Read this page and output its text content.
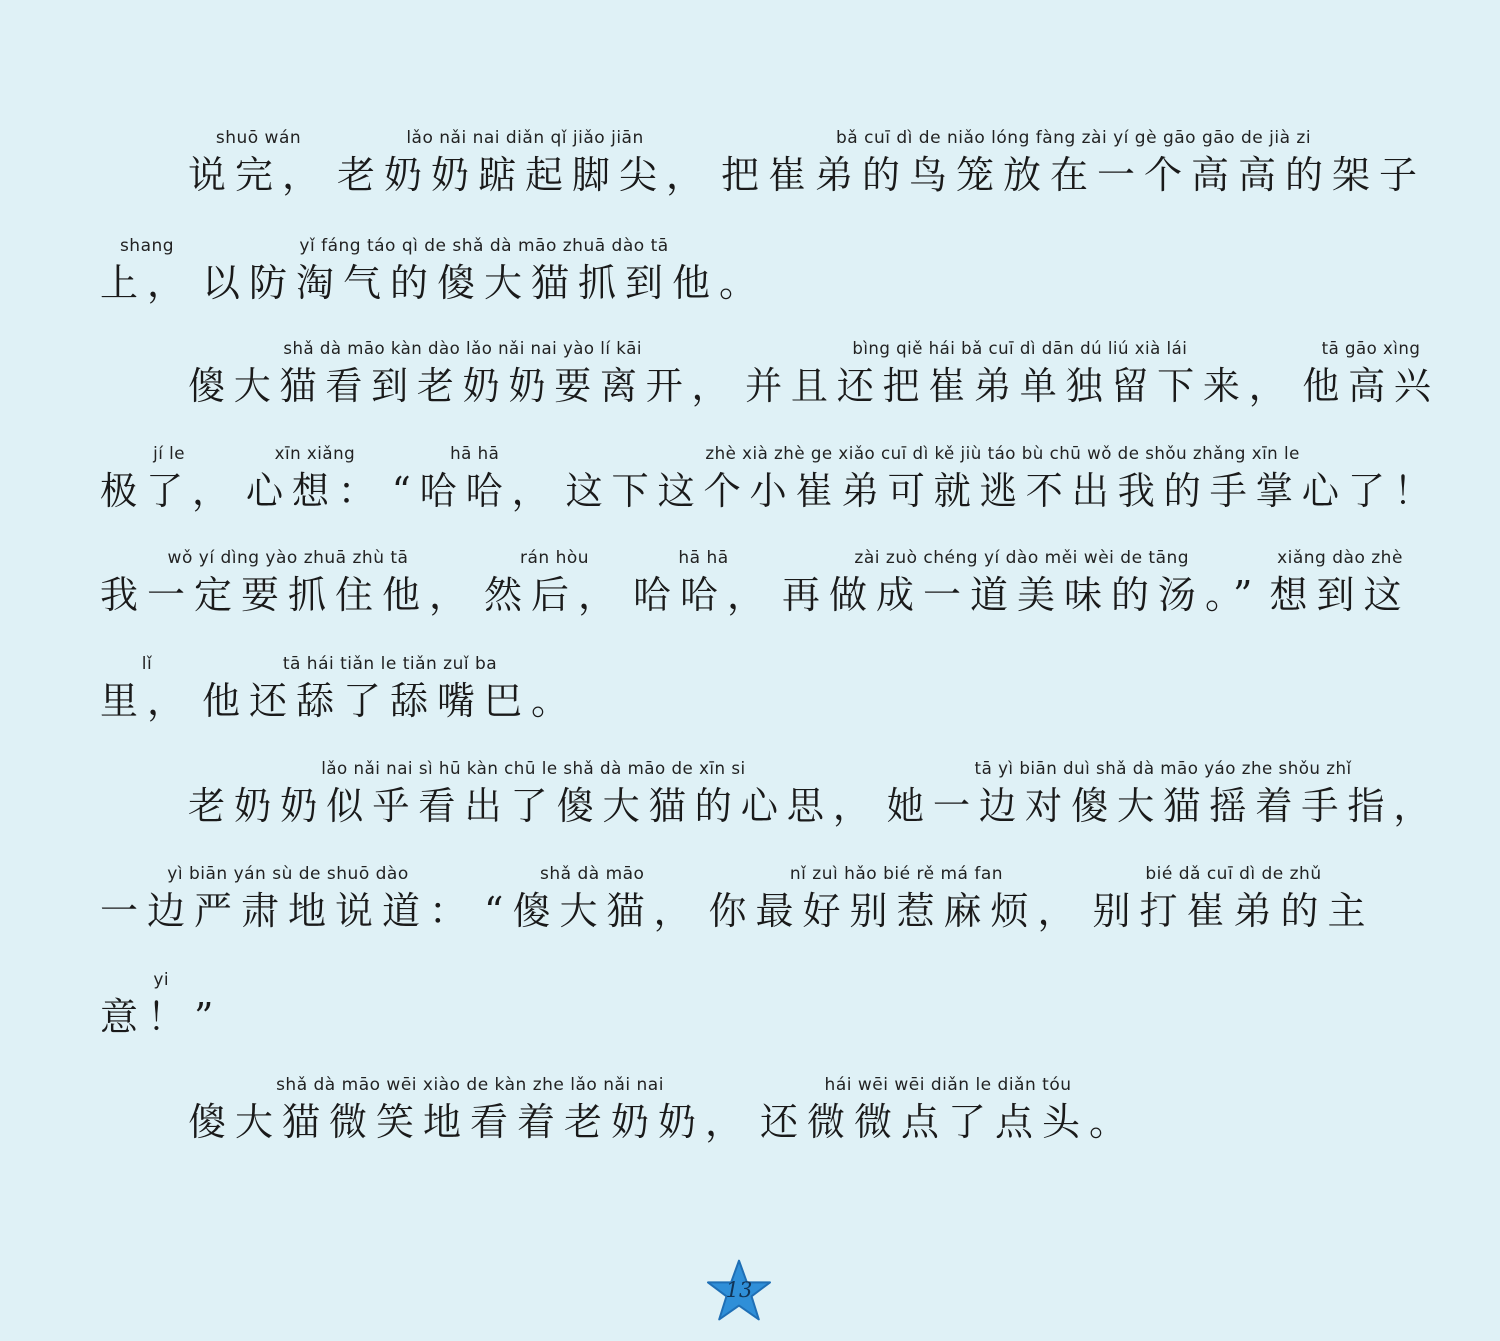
shuō wán
说完，
lǎo nǎi nai diǎn qǐ jiǎo jiān
老奶奶踮起脚尖，
bǎ cuī dì de niǎo lóng fàng zài yí gè gāo gāo de jià zi
把崔弟的鸟笼放在一个高高的架子
shang
上，
yǐ fáng táo qì de shǎ dà māo zhuā dào tā
以防淘气的傻大猫抓到他。
shǎ dà māo kàn dào lǎo nǎi nai yào lí kāi
傻大猫看到老奶奶要离开，
bìng qiě hái bǎ cuī dì dān dú liú xià lái
并且还把崔弟单独留下来，
tā gāo xìng
他高兴
jí le
极了，
xīn xiǎng
心想：
hā hā
“哈哈，
zhè xià zhè ge xiǎo cuī dì kě jiù táo bù chū wǒ de shǒu zhǎng xīn le
这下这个小崔弟可就逃不出我的手掌心了！
wǒ yí dìng yào zhuā zhù tā
我一定要抓住他，
rán hòu
然后，
hā hā
哈哈，
zài zuò chéng yí dào měi wèi de tāng
再做成一道美味的汤。”
xiǎng dào zhè
想到这
lǐ
里，
tā hái tiǎn le tiǎn zuǐ ba
他还舔了舔嘴巴。
lǎo nǎi nai sì hū kàn chū le shǎ dà māo de xīn si
老奶奶似乎看出了傻大猫的心思，
tā yì biān duì shǎ dà māo yáo zhe shǒu zhǐ
她一边对傻大猫摇着手指，
yì biān yán sù de shuō dào
一边严肃地说道：
shǎ dà māo
“傻大猫，
nǐ zuì hǎo bié rě má fan
你最好别惹麻烦，
bié dǎ cuī dì de zhǔ
别打崔弟的主
yi
意！”
shǎ dà māo wēi xiào de kàn zhe lǎo nǎi nai
傻大猫微笑地看着老奶奶，
hái wēi wēi diǎn le diǎn tóu
还微微点了点头。
13
